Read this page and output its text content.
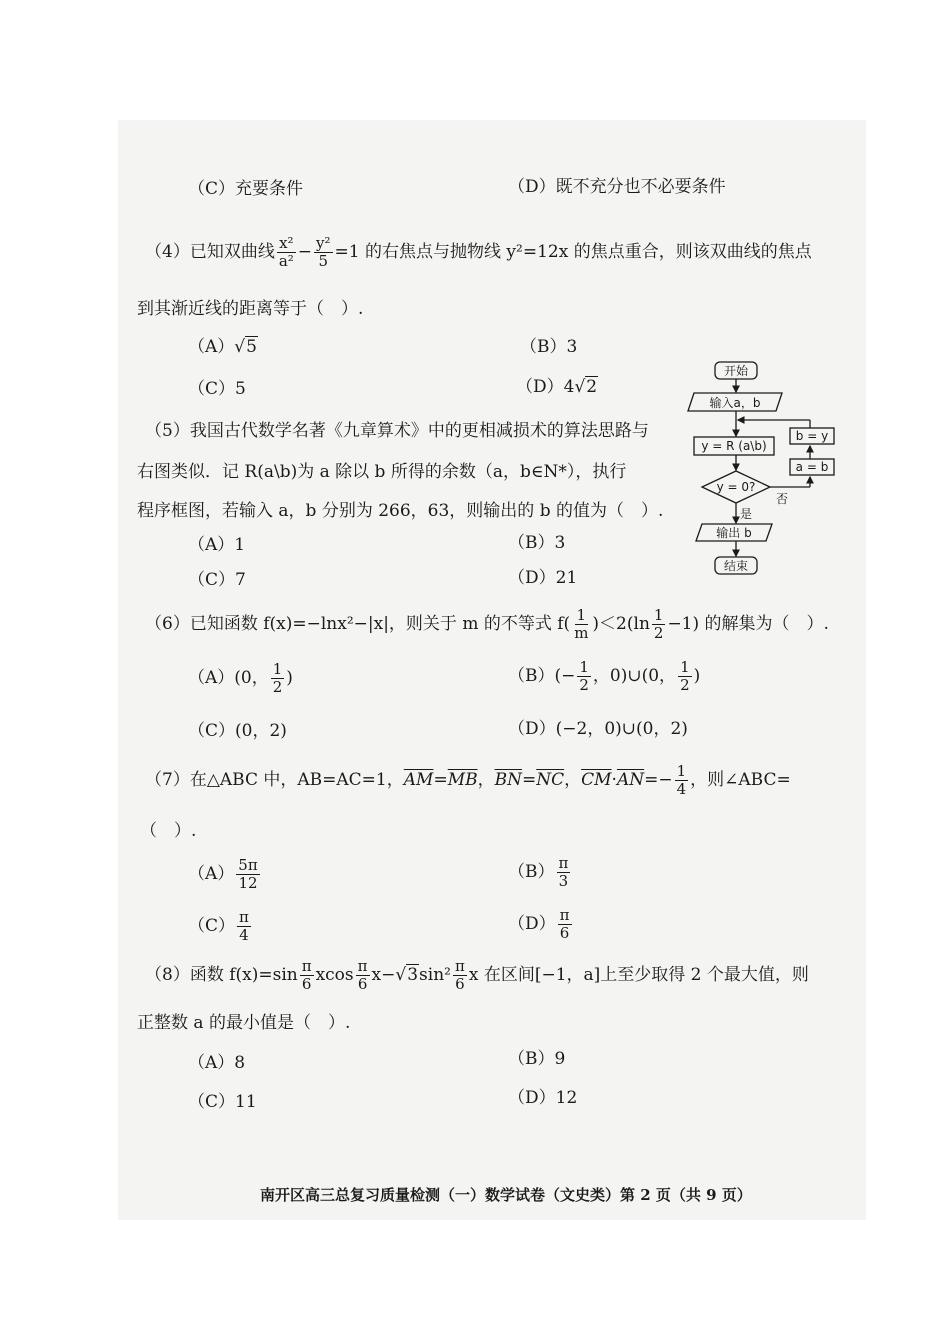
（C）充要条件	（D）既不充分也不必要条件
（4）已知双曲线 $\frac{\text{x²}}{\text{a²}} - \frac{\text{y²}}{5} =1$ 的右焦点与抛物线 y²=12x 的焦点重合，则该双曲线的焦点
到其渐近线的距离等于（　）.
（A）√5	（B）3
（C）5	（D）4√2
（5）我国古代数学名著《九章算术》中的更相减损术的算法思路与
右图类似．记 R(a\b)为 a 除以 b 所得的余数（a，b∈N*），执行
程序框图，若输入 a，b 分别为 266，63，则输出的 b 的值为（　）.
（A）1	（B）3
（C）7	（D）21
开始
输入a，b
y = R (a\b)
b = y
a = b
y = 0?
否
是
输出 b
结束
（6）已知函数 f(x)=−lnx²−|x|，则关于 m 的不等式 $f( \frac{1}{m} )<2(\ln \frac{1}{2} -1)$ 的解集为（　）.
（A）(0， $\frac{1}{2}$ )	$(B)(- \frac{1}{2}$ ，0)∪(0， $\frac{1}{2}$ )
（C）(0，2)	（D）(−2，0)∪(0，2)
（7）在△ABC 中，AB=AC=1，$\overline{AM}=\overline{MB}$，$\overline{BN}=\overline{NC}$，$\overline{CM}\cdot\overline{AN}=- \frac{1}{4}$ ，则∠ABC=
（　）.
$(A) \frac{5\pi}{12}$	$(B) \frac{\pi}{3}$
$(C) \frac{\pi}{4}$	$(D) \frac{\pi}{6}$
（8）函数 $f(x)=\sin \frac{\pi}{6}$ xcos $\frac{\pi}{6} x-√3\sin^2 \frac{\pi}{6}$ x 在区间[−1，a]上至少取得 2 个最大值，则
正整数 a 的最小值是（　）.
（A）8	（B）9
（C）11	（D）12
南开区高三总复习质量检测（一）数学试卷（文史类）第 2 页（共 9 页）
